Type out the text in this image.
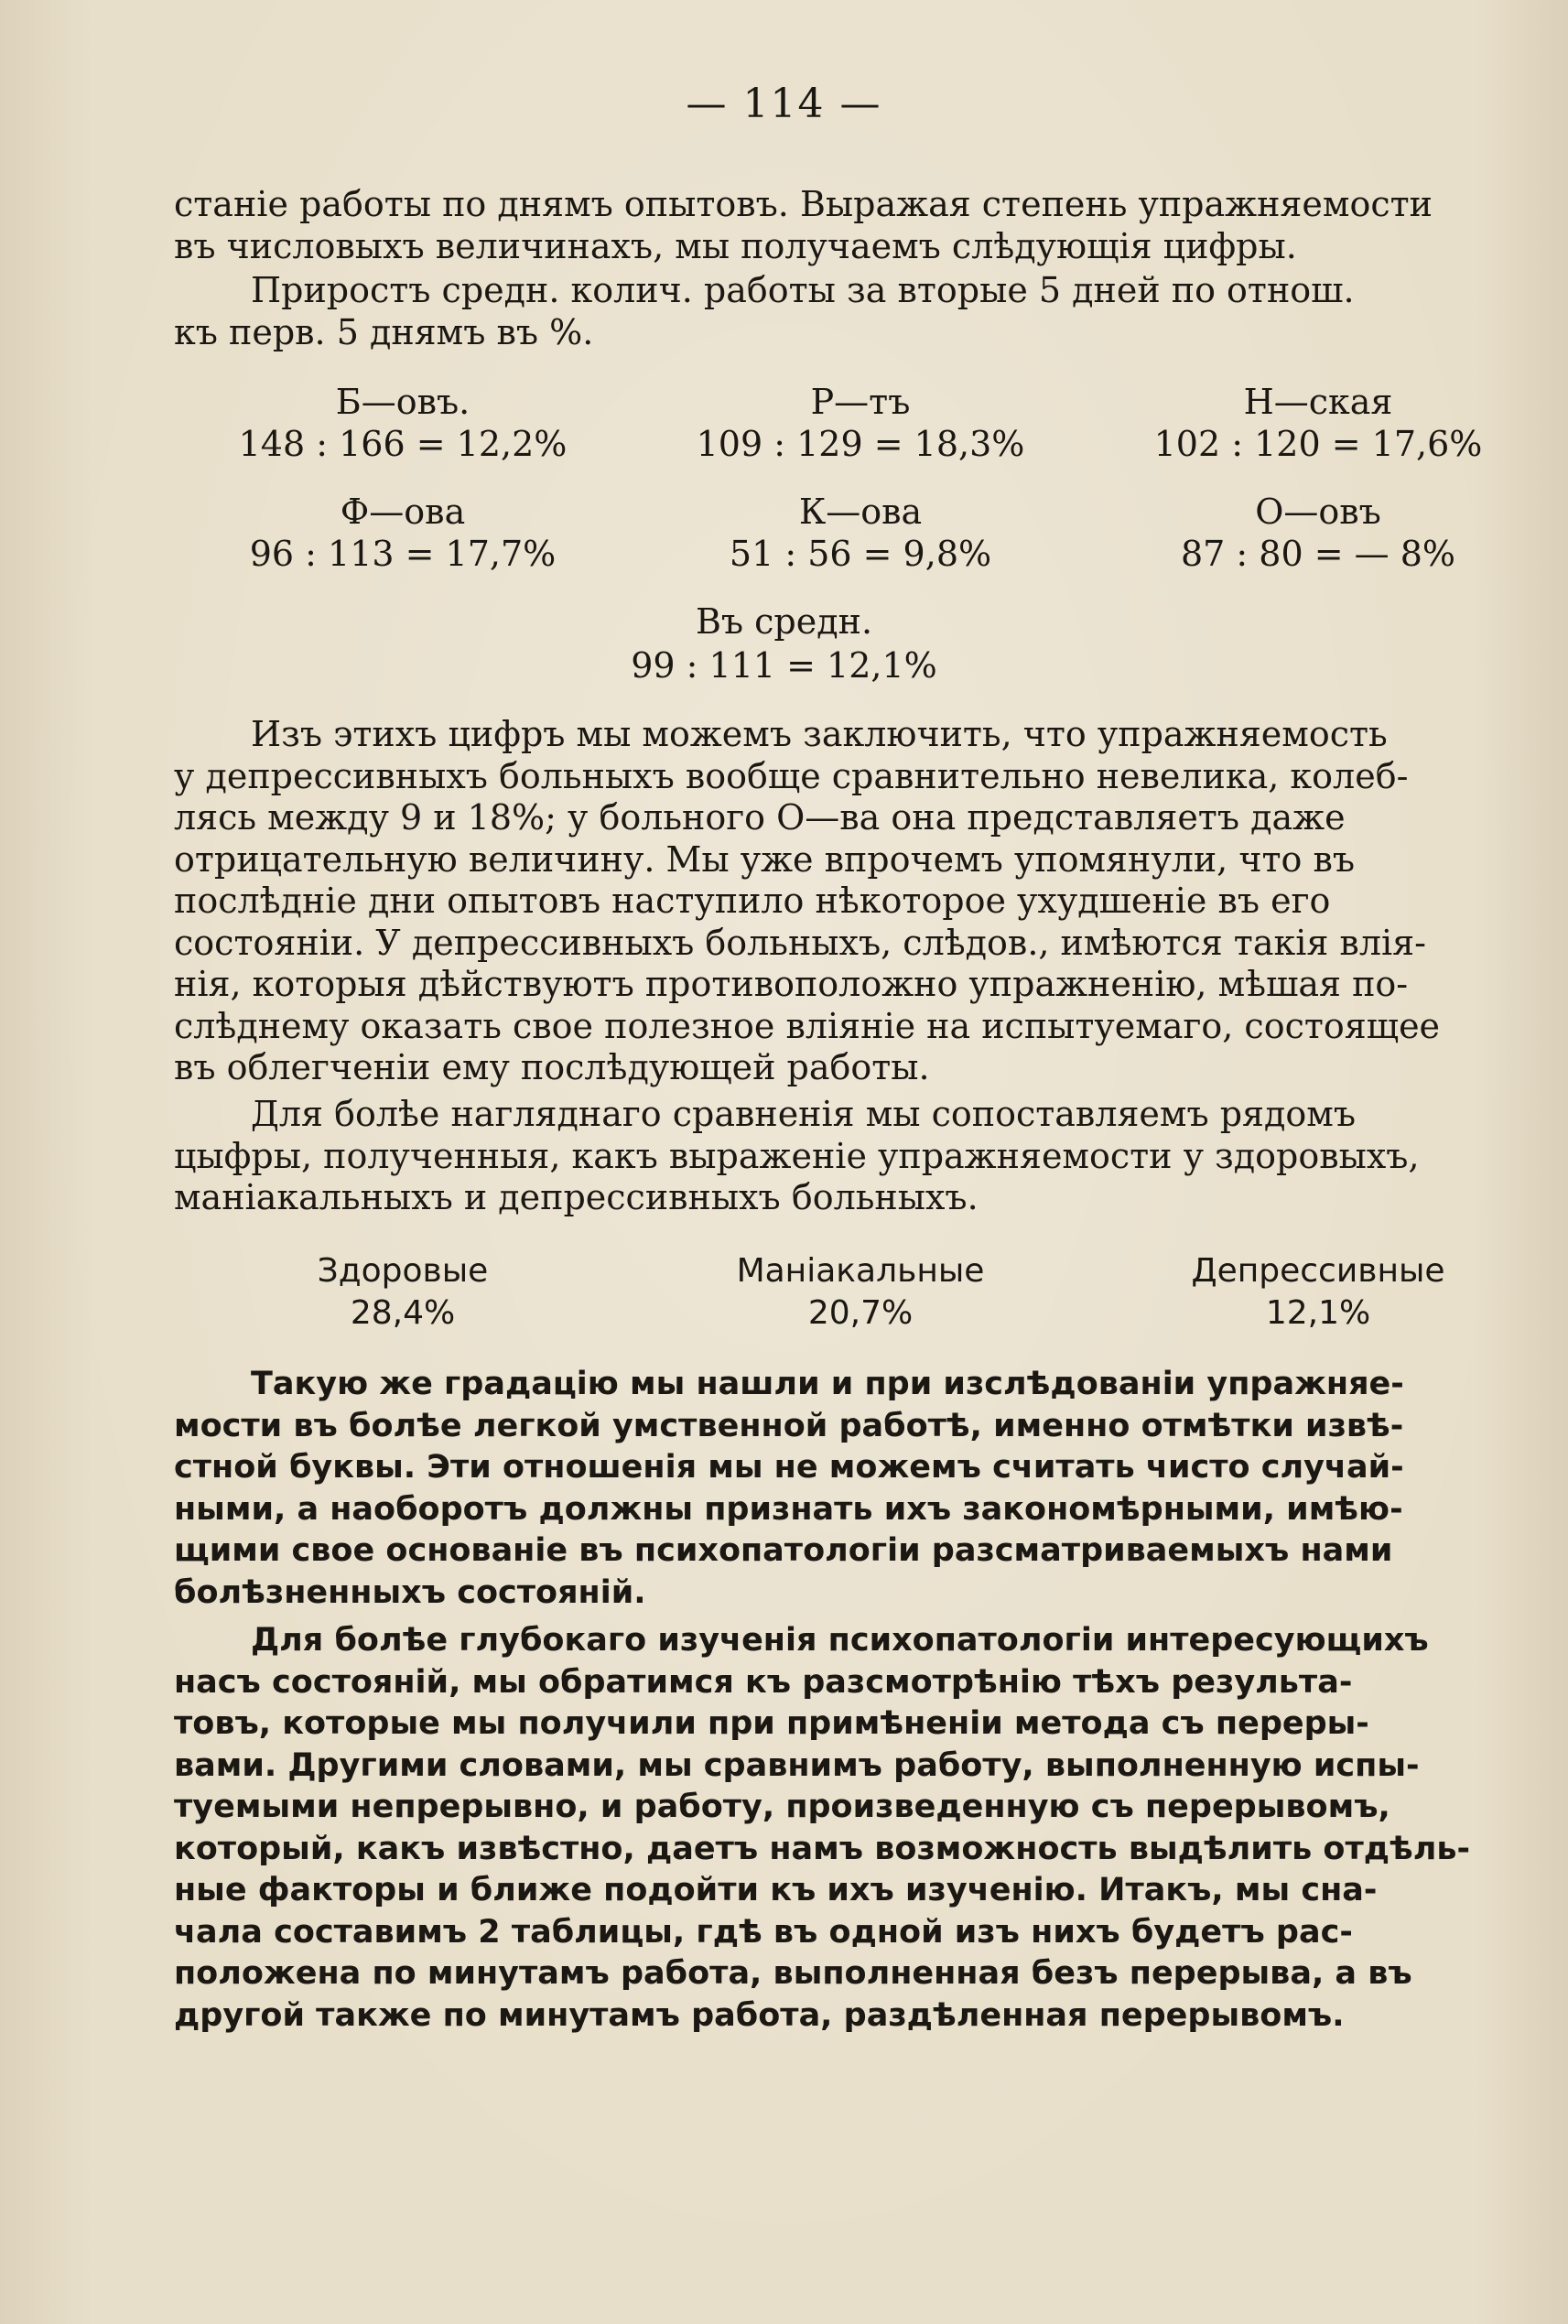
— 114 —

станіе работы по днямъ опытовъ. Выражая степень упражняемости

въ числовыхъ величинахъ, мы получаемъ слѣдующія цифры.

Приростъ средн. колич. работы за вторые 5 дней по отнош.

къ перв. 5 днямъ въ %.

Б—овъ.
148 : 166 = 12,2%
Р—тъ
109 : 129 = 18,3%
Н—ская
102 : 120 = 17,6%
Ф—ова
96 : 113 = 17,7%
К—ова
51 : 56 = 9,8%
О—овъ
87 : 80 = — 8%
Въ средн.
99 : 111 = 12,1%

Изъ этихъ цифръ мы можемъ заключить, что упражняемость

у депрессивныхъ больныхъ вообще сравнительно невелика, колеб-

лясь между 9 и 18%; у больного О—ва она представляетъ даже

отрицательную величину. Мы уже впрочемъ упомянули, что въ

послѣдніе дни опытовъ наступило нѣкоторое ухудшеніе въ его

состояніи. У депрессивныхъ больныхъ, слѣдов., имѣются такія влія-

нія, которыя дѣйствуютъ противоположно упражненію, мѣшая по-

слѣднему оказать свое полезное вліяніе на испытуемаго, состоящее

въ облегченіи ему послѣдующей работы.

Для болѣе нагляднаго сравненія мы сопоставляемъ рядомъ

цыфры, полученныя, какъ выраженіе упражняемости у здоровыхъ,

маніакальныхъ и депрессивныхъ больныхъ.

Здоровые
28,4%
Маніакальные
20,7%
Депрессивные
12,1%

Такую же градацію мы нашли и при изслѣдованіи упражняе-

мости въ болѣе легкой умственной работѣ, именно отмѣтки извѣ-

стной буквы. Эти отношенія мы не можемъ считать чисто случай-

ными, а наоборотъ должны признать ихъ закономѣрными, имѣю-

щими свое основаніе въ психопатологіи разсматриваемыхъ нами

болѣзненныхъ состояній.

Для болѣе глубокаго изученія психопатологіи интересующихъ

насъ состояній, мы обратимся къ разсмотрѣнію тѣхъ результа-

товъ, которые мы получили при примѣненіи метода съ переры-

вами. Другими словами, мы сравнимъ работу, выполненную испы-

туемыми непрерывно, и работу, произведенную съ перерывомъ,

который, какъ извѣстно, даетъ намъ возможность выдѣлить отдѣль-

ные факторы и ближе подойти къ ихъ изученію. Итакъ, мы сна-

чала составимъ 2 таблицы, гдѣ въ одной изъ нихъ будетъ рас-

положена по минутамъ работа, выполненная безъ перерыва, а въ

другой также по минутамъ работа, раздѣленная перерывомъ.
